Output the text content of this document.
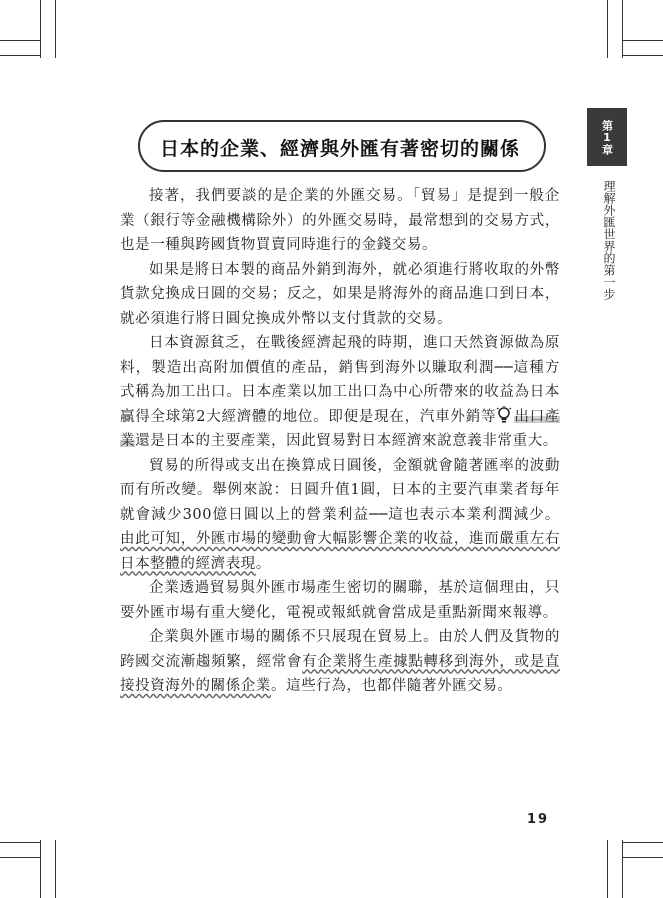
日本的企業、經濟與外匯有著密切的關係	第1章
理解外匯世界的第一步

接著，我們要談的是企業的外匯交易。「貿易」是提到一般企業（銀行等金融機構除外）的外匯交易時，最常想到的交易方式，也是一種與跨國貨物買賣同時進行的金錢交易。

如果是將日本製的商品外銷到海外，就必須進行將收取的外幣貨款兌換成日圓的交易；反之，如果是將海外的商品進口到日本，就必須進行將日圓兌換成外幣以支付貨款的交易。

日本資源貧乏，在戰後經濟起飛的時期，進口天然資源做為原料，製造出高附加價值的產品，銷售到海外以賺取利潤──這種方式稱為加工出口。日本產業以加工出口為中心所帶來的收益為日本贏得全球第2大經濟體的地位。即便是現在，汽車外銷等 出口產業還是日本的主要產業，因此貿易對日本經濟來說意義非常重大。

貿易的所得或支出在換算成日圓後，金額就會隨著匯率的波動而有所改變。舉例來說：日圓升值1圓，日本的主要汽車業者每年就會減少300億日圓以上的營業利益──這也表示本業利潤減少。由此可知，外匯市場的變動會大幅影響企業的收益，進而嚴重左右日本整體的經濟表現。

企業透過貿易與外匯市場產生密切的關聯，基於這個理由，只要外匯市場有重大變化，電視或報紙就會當成是重點新聞來報導。

企業與外匯市場的關係不只展現在貿易上。由於人們及貨物的跨國交流漸趨頻繁，經常會有企業將生產據點轉移到海外，或是直接投資海外的關係企業。這些行為，也都伴隨著外匯交易。

19
